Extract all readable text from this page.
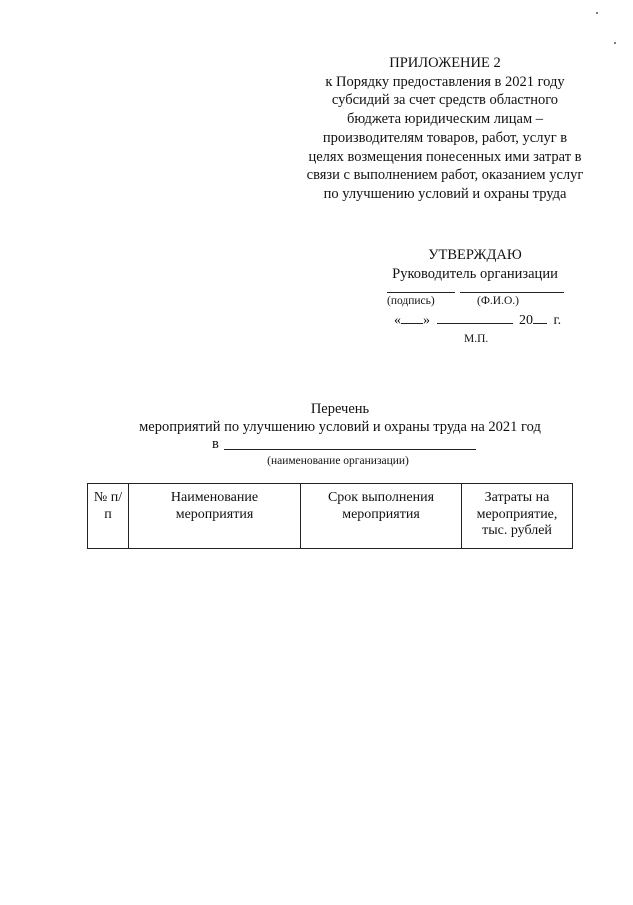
ПРИЛОЖЕНИЕ 2
к Порядку предоставления в 2021 году
субсидий за счет средств областного
бюджета юридическим лицам –
производителям товаров, работ, услуг в
целях возмещения понесенных ими затрат в
связи с выполнением работ, оказанием услуг
по улучшению условий и охраны труда
УТВЕРЖДАЮ
Руководитель организации
(подпись)	(Ф.И.О.)
« »	20 г.
М.П.
Перечень
мероприятий по улучшению условий и охраны труда на 2021 год
в
(наименование организации)
№ п/п	Наименование мероприятия	Срок выполнения мероприятия	Затраты на мероприятие, тыс. рублей
